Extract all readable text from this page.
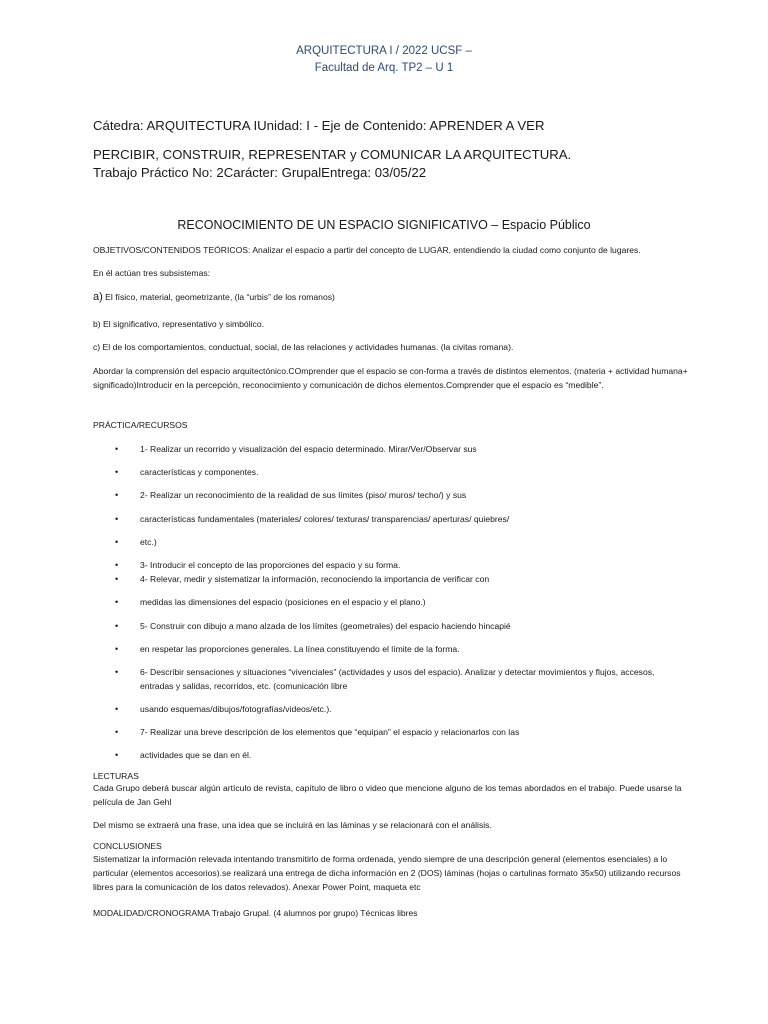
ARQUITECTURA I / 2022 UCSF –
Facultad de Arq. TP2 – U 1

Cátedra: ARQUITECTURA IUnidad: I - Eje de Contenido: APRENDER A VER

PERCIBIR, CONSTRUIR, REPRESENTAR y COMUNICAR LA ARQUITECTURA.

Trabajo Práctico No: 2Carácter: GrupalEntrega: 03/05/22

RECONOCIMIENTO DE UN ESPACIO SIGNIFICATIVO – Espacio Público

OBJETIVOS/CONTENIDOS TEÓRICOS: Analizar el espacio a partir del concepto de LUGAR, entendiendo la ciudad como conjunto de lugares.

En él actúan tres subsistemas:

a) El físico, material, geometrizante, (la “urbis” de los romanos)

b) El significativo, representativo y simbólico.

c) El de los comportamientos, conductual, social, de las relaciones y actividades humanas. (la civitas romana).

Abordar la comprensión del espacio arquitectónico.COmprender que el espacio se con-forma a través de distintos elementos. (materia + actividad humana+ significado)Introducir en la percepción, reconocimiento y comunicación de dichos elementos.Comprender que el espacio es “medible”.

PRÁCTICA/RECURSOS

•	1- Realizar un recorrido y visualización del espacio determinado. Mirar/Ver/Observar sus
•	características y componentes.
•	2- Realizar un reconocimiento de la realidad de sus límites (piso/ muros/ techo/) y sus
•	características fundamentales (materiales/ colores/ texturas/ transparencias/ aperturas/ quiebres/
•	etc.)
•	3- Introducir el concepto de las proporciones del espacio y su forma.
•	4- Relevar, medir y sistematizar la información, reconociendo la importancia de verificar con
•	medidas las dimensiones del espacio (posiciones en el espacio y el plano.)
•	5- Construir con dibujo a mano alzada de los límites (geometrales) del espacio haciendo hincapié
•	en respetar las proporciones generales. La línea constituyendo el límite de la forma.
•	6- Describir sensaciones y situaciones “vivenciales” (actividades y usos del espacio). Analizar y detectar movimientos y flujos, accesos, entradas y salidas, recorridos, etc. (comunicación libre
•	usando esquemas/dibujos/fotografías/videos/etc.).
•	7- Realizar una breve descripción de los elementos que “equipan” el espacio y relacionarlos con las
•	actividades que se dan en él.

LECTURAS

Cada Grupo deberá buscar algún artículo de revista, capítulo de libro o video que mencione alguno de los temas abordados en el trabajo. Puede usarse la película de Jan Gehl

Del mismo se extraerá una frase, una idea que se incluirá en las láminas y se relacionará con el análisis.

CONCLUSIONES

Sistematizar la información relevada intentando transmitirlo de forma ordenada, yendo siempre de una descripción general (elementos esenciales) a lo particular (elementos accesorios).se realizará una entrega de dicha información en 2 (DOS) láminas (hojas o cartulinas formato 35x50) utilizando recursos libres para la comunicación de los datos relevados). Anexar Power Point, maqueta etc

MODALIDAD/CRONOGRAMA Trabajo Grupal. (4 alumnos por grupo) Técnicas libres
